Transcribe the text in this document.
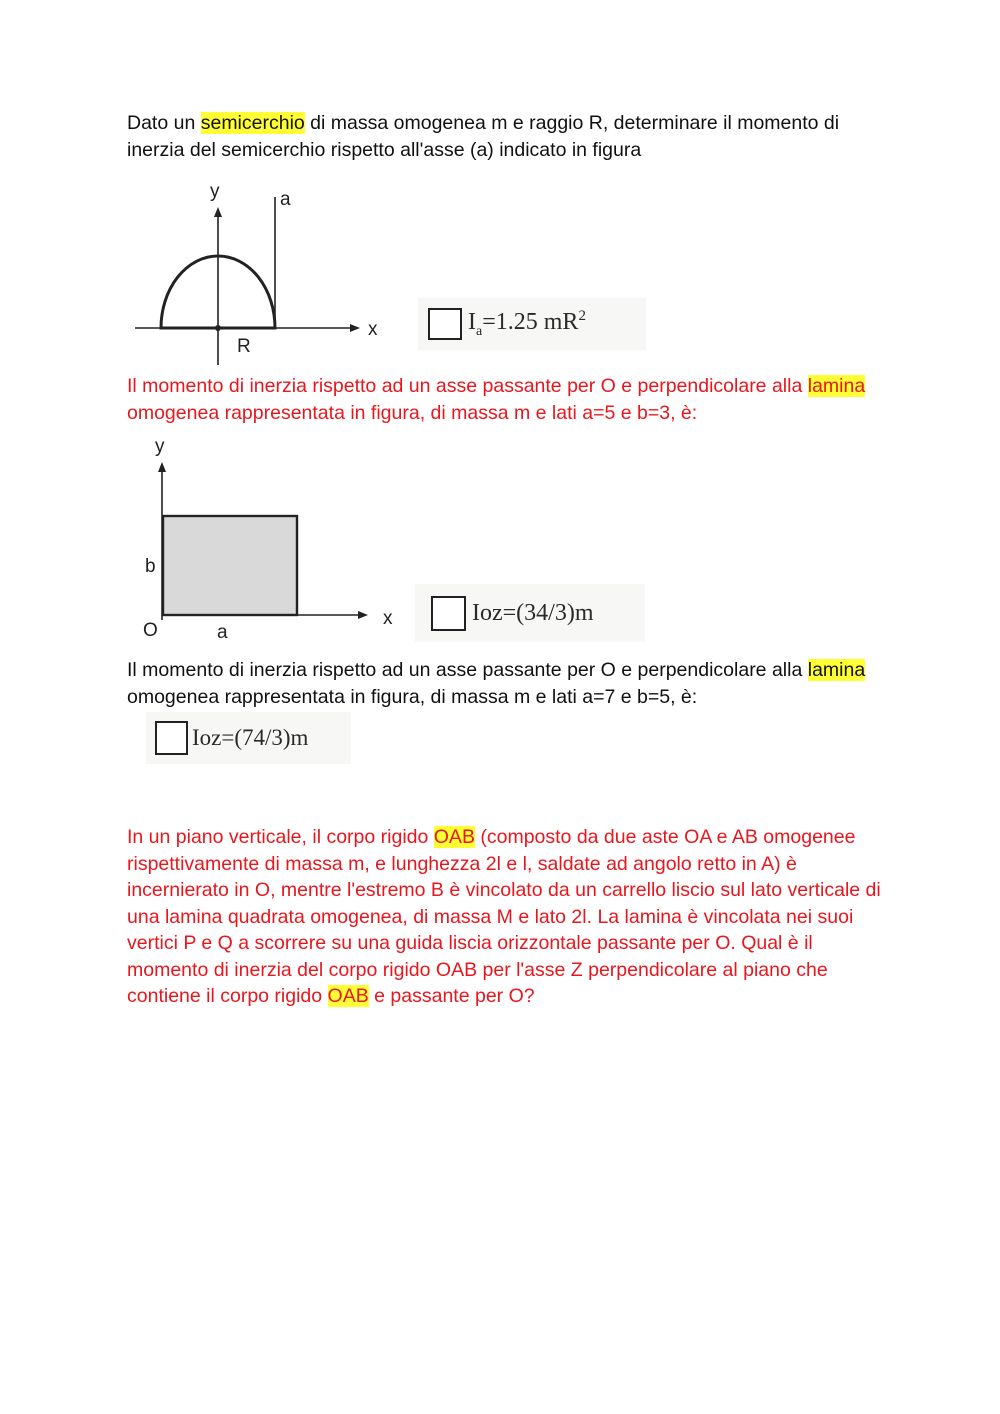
Dato un semicerchio di massa omogenea m e raggio R, determinare il momento di inerzia del semicerchio rispetto all'asse (a) indicato in figura

y	a
x
R
$I_a=1.25$ $mR^2$

Il momento di inerzia rispetto ad un asse passante per O e perpendicolare alla lamina omogenea rappresentata in figura, di massa m e lati a=5 e b=3, è:

y
x
b
O	a
Ioz=(34/3)m

Il momento di inerzia rispetto ad un asse passante per O e perpendicolare alla lamina omogenea rappresentata in figura, di massa m e lati a=7 e b=5, è:

Ioz=(74/3)m

In un piano verticale, il corpo rigido OAB (composto da due aste OA e AB omogenee rispettivamente di massa m, e lunghezza 2l e l, saldate ad angolo retto in A) è incernierato in O, mentre l'estremo B è vincolato da un carrello liscio sul lato verticale di una lamina quadrata omogenea, di massa M e lato 2l. La lamina è vincolata nei suoi vertici P e Q a scorrere su una guida liscia orizzontale passante per O. Qual è il momento di inerzia del corpo rigido OAB per l'asse Z perpendicolare al piano che contiene il corpo rigido OAB e passante per O?
